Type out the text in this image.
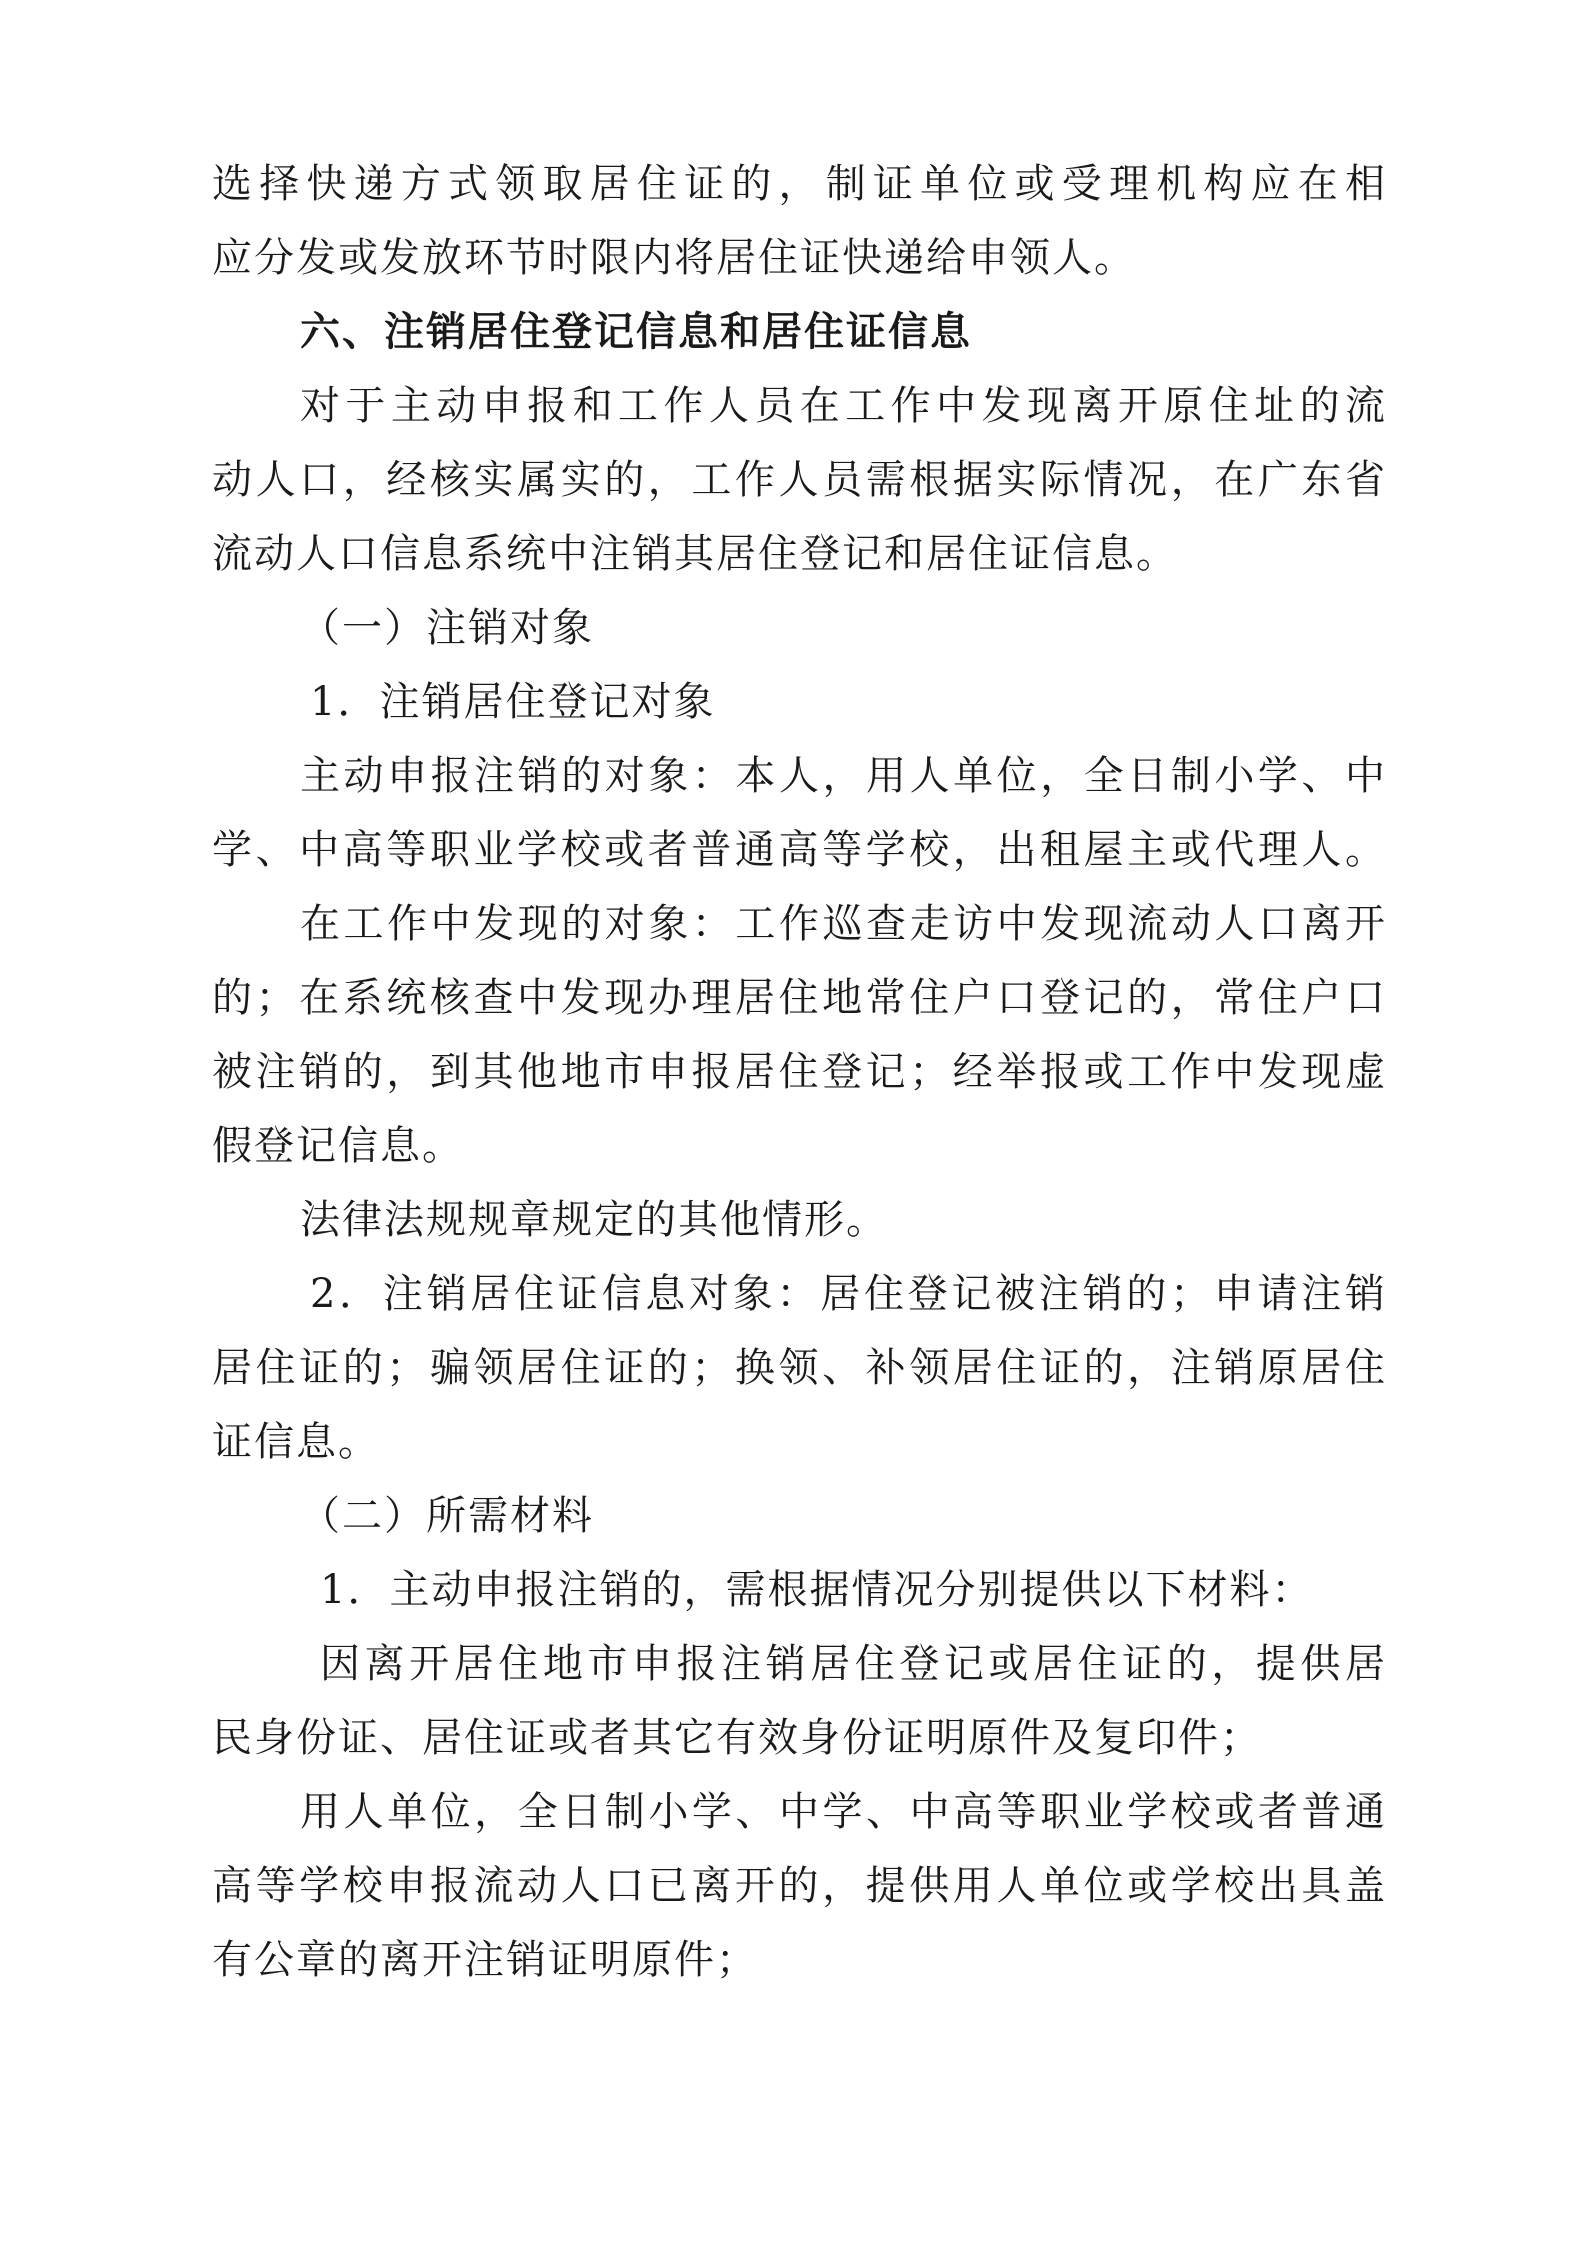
选择快递方式领取居住证的，制证单位或受理机构应在相

应分发或发放环节时限内将居住证快递给申领人。

六、注销居住登记信息和居住证信息

对于主动申报和工作人员在工作中发现离开原住址的流

动人口，经核实属实的，工作人员需根据实际情况，在广东省

流动人口信息系统中注销其居住登记和居住证信息。

（一）注销对象

1．注销居住登记对象

主动申报注销的对象：本人，用人单位，全日制小学、中

学、中高等职业学校或者普通高等学校，出租屋主或代理人。

在工作中发现的对象：工作巡查走访中发现流动人口离开

的；在系统核查中发现办理居住地常住户口登记的，常住户口

被注销的，到其他地市申报居住登记；经举报或工作中发现虚

假登记信息。

法律法规规章规定的其他情形。

2．注销居住证信息对象：居住登记被注销的；申请注销

居住证的；骗领居住证的；换领、补领居住证的，注销原居住

证信息。

（二）所需材料

1．主动申报注销的，需根据情况分别提供以下材料：

因离开居住地市申报注销居住登记或居住证的，提供居

民身份证、居住证或者其它有效身份证明原件及复印件；

用人单位，全日制小学、中学、中高等职业学校或者普通

高等学校申报流动人口已离开的，提供用人单位或学校出具盖

有公章的离开注销证明原件；
